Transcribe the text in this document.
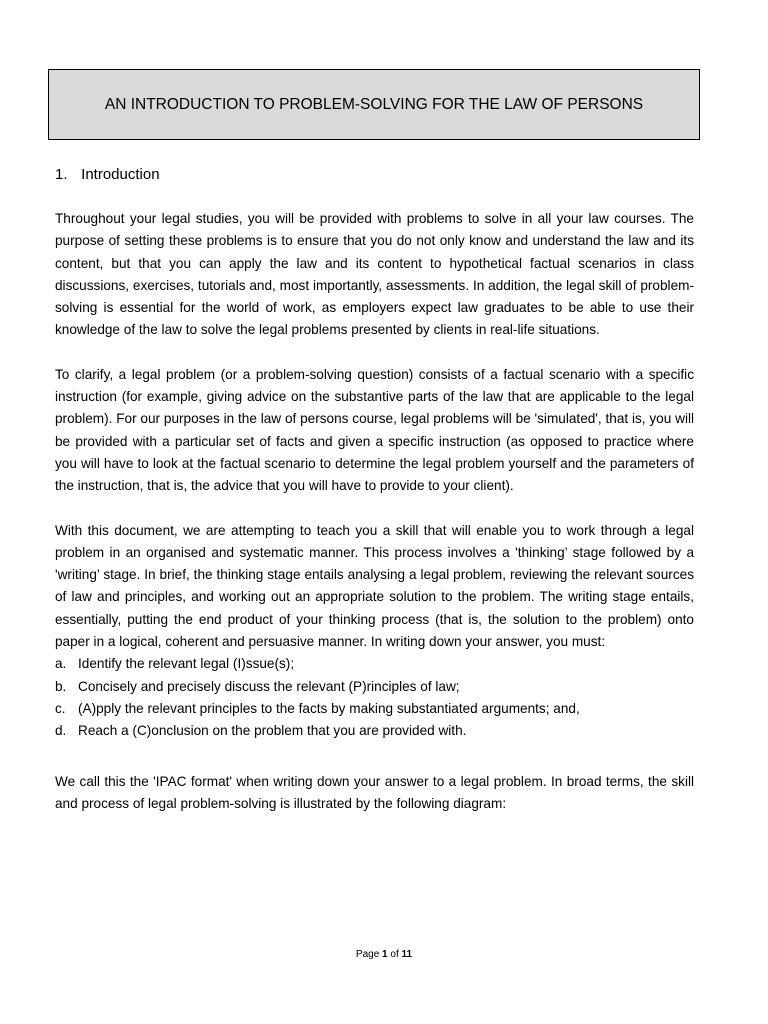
AN INTRODUCTION TO PROBLEM-SOLVING FOR THE LAW OF PERSONS
1. Introduction

Throughout your legal studies, you will be provided with problems to solve in all your law courses. The purpose of setting these problems is to ensure that you do not only know and understand the law and its content, but that you can apply the law and its content to hypothetical factual scenarios in class discussions, exercises, tutorials and, most importantly, assessments. In addition, the legal skill of problem-solving is essential for the world of work, as employers expect law graduates to be able to use their knowledge of the law to solve the legal problems presented by clients in real-life situations.

To clarify, a legal problem (or a problem-solving question) consists of a factual scenario with a specific instruction (for example, giving advice on the substantive parts of the law that are applicable to the legal problem). For our purposes in the law of persons course, legal problems will be 'simulated', that is, you will be provided with a particular set of facts and given a specific instruction (as opposed to practice where you will have to look at the factual scenario to determine the legal problem yourself and the parameters of the instruction, that is, the advice that you will have to provide to your client).

With this document, we are attempting to teach you a skill that will enable you to work through a legal problem in an organised and systematic manner. This process involves a 'thinking’ stage followed by a 'writing’ stage. In brief, the thinking stage entails analysing a legal problem, reviewing the relevant sources of law and principles, and working out an appropriate solution to the problem. The writing stage entails, essentially, putting the end product of your thinking process (that is, the solution to the problem) onto paper in a logical, coherent and persuasive manner. In writing down your answer, you must:

a. Identify the relevant legal (I)ssue(s);
b. Concisely and precisely discuss the relevant (P)rinciples of law;
c. (A)pply the relevant principles to the facts by making substantiated arguments; and,
d. Reach a (C)onclusion on the problem that you are provided with.

We call this the 'IPAC format' when writing down your answer to a legal problem. In broad terms, the skill and process of legal problem-solving is illustrated by the following diagram:

Page 1 of 11
